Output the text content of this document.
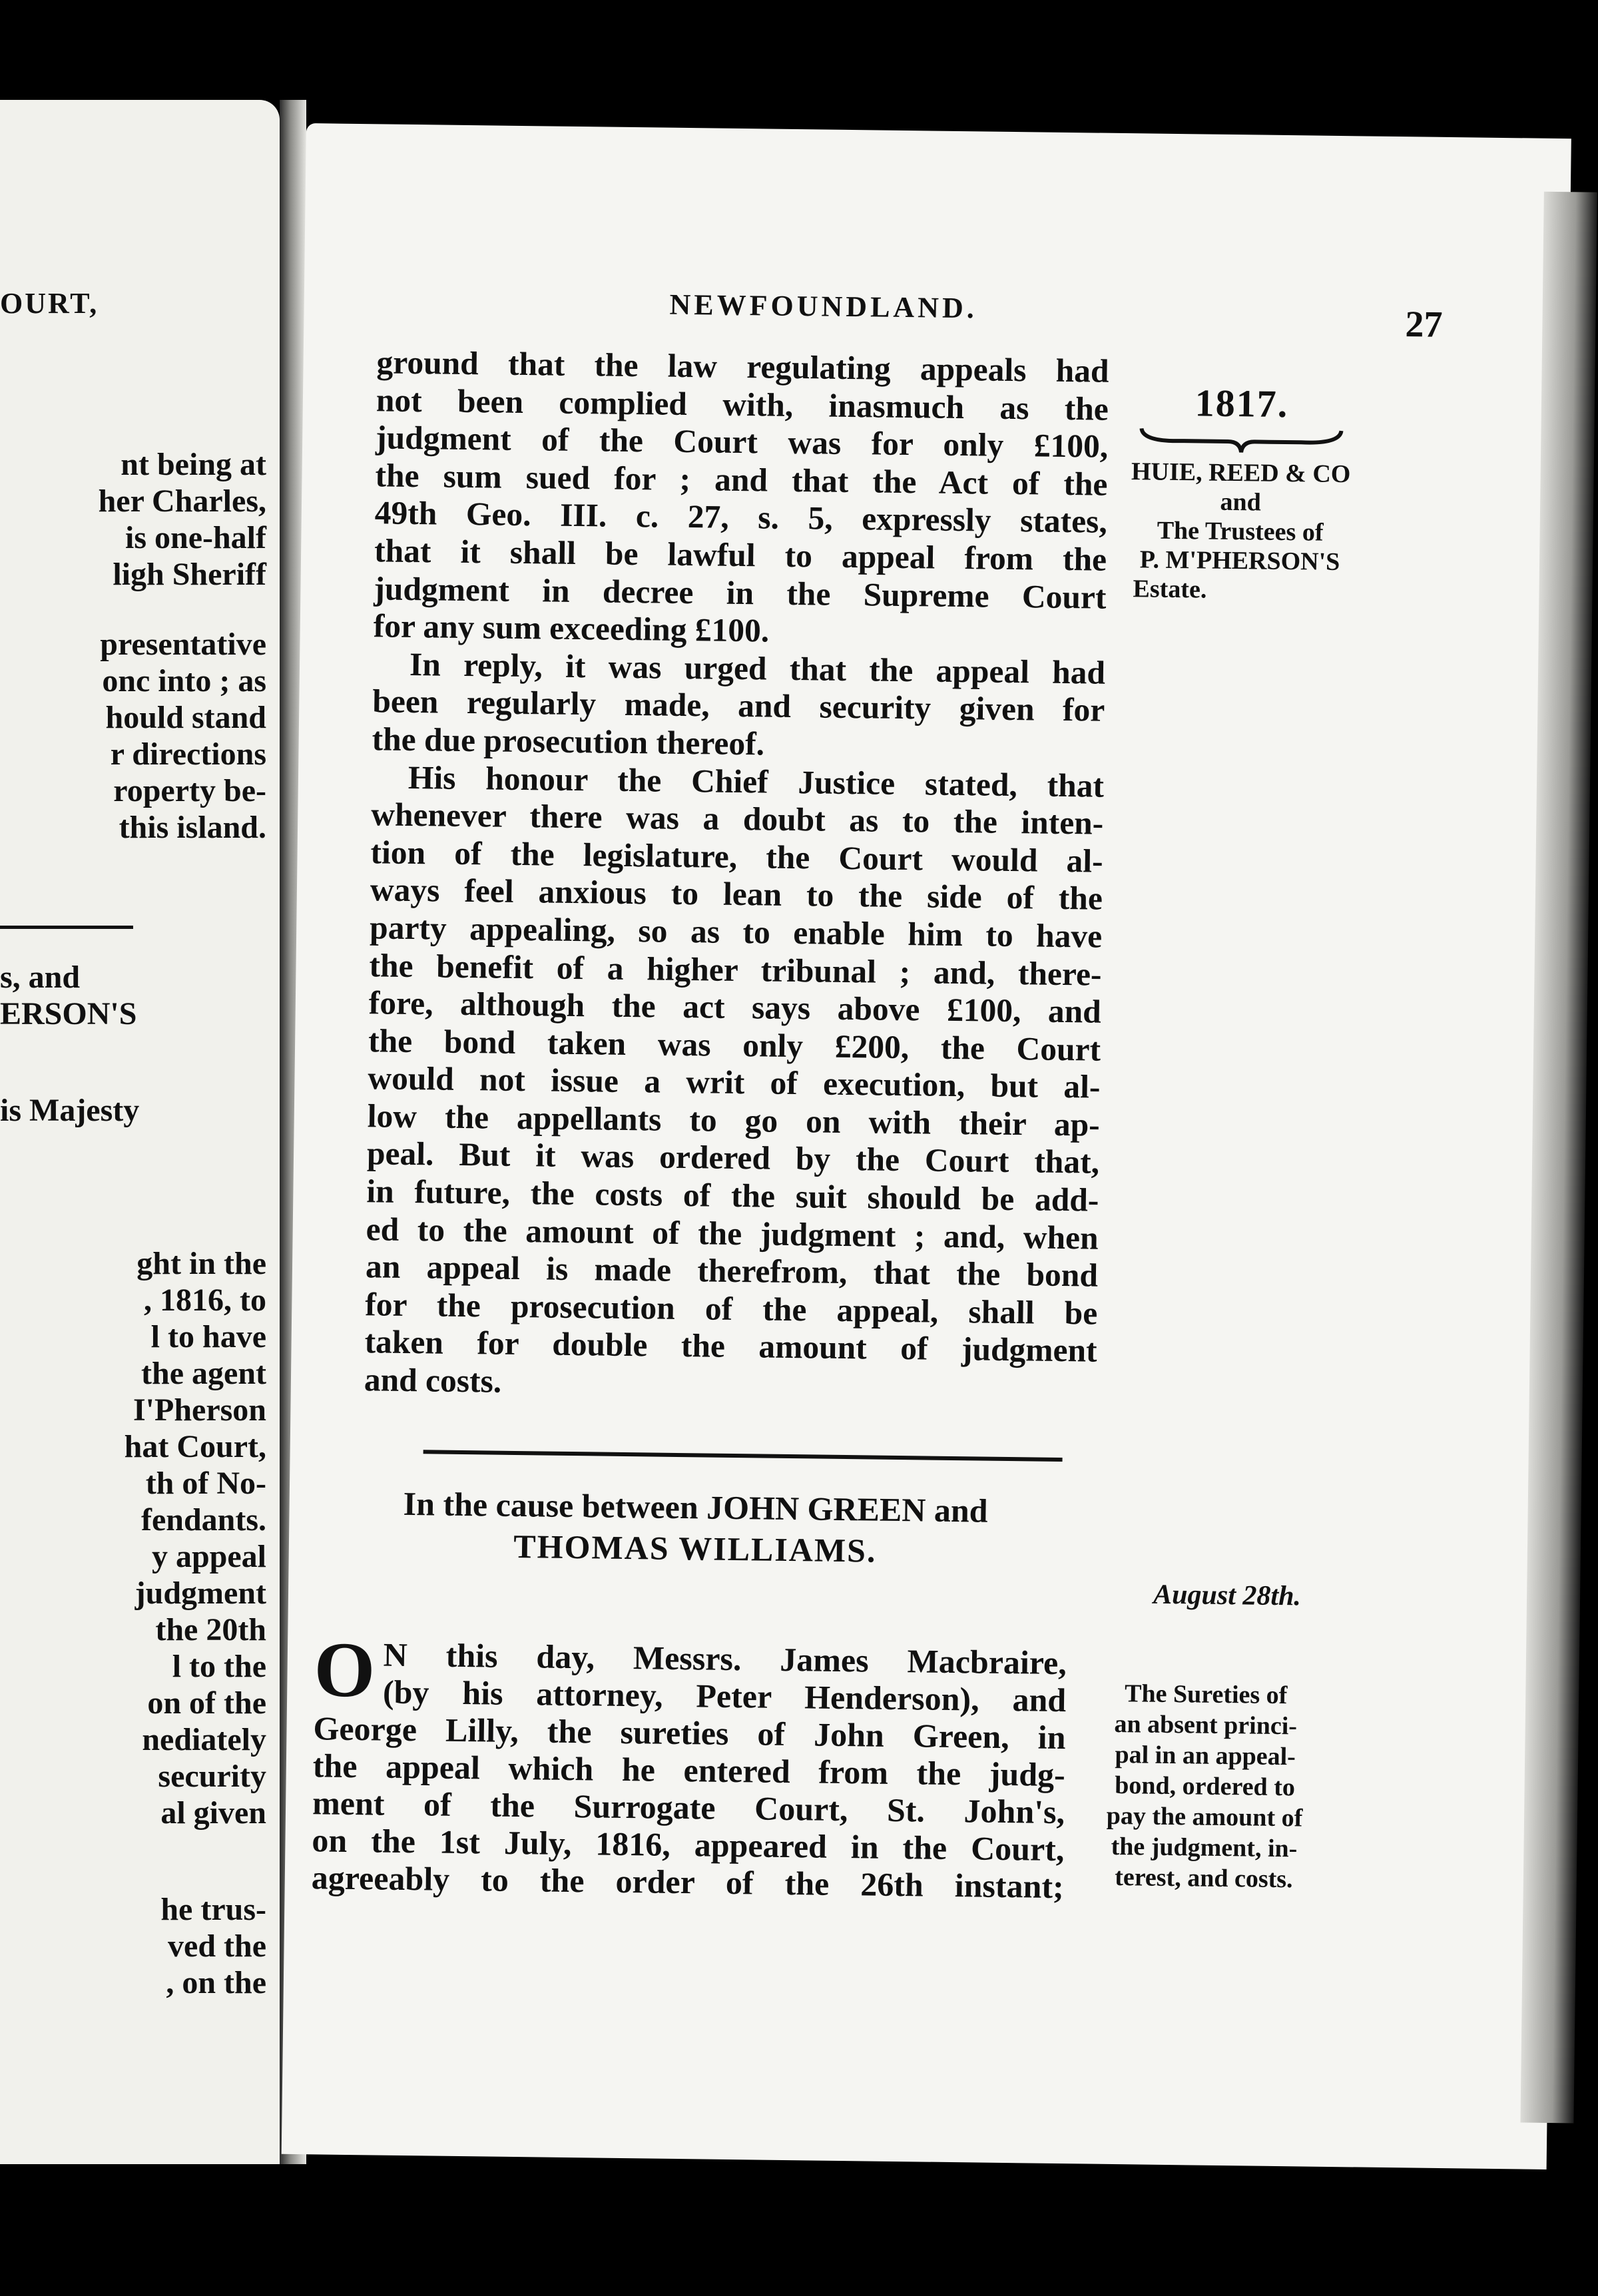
OURT,
nt being at
her Charles,
is one-half
ligh Sheriff
presentative
onc into ; as
hould stand
r directions
roperty be-
this island.
s, and
ERSON'S
is Majesty
ght in the
, 1816, to
l to have
the agent
I'Pherson
hat Court,
th of No-
fendants.
y appeal
judgment
the 20th
l to the
on of the
nediately
security
al given
he trus-
ved the
, on the
NEWFOUNDLAND.	27
1817.
HUIE, REED & CO
and
The Trustees of
P. M'PHERSON'S
Estate.

ground that the law regulating appeals had
not been complied with, inasmuch as the
judgment of the Court was for only £100,
the sum sued for ; and that the Act of the
49th Geo. III. c. 27, s. 5, expressly states,
that it shall be lawful to appeal from the
judgment in decree in the Supreme Court
for any sum exceeding £100.

In reply, it was urged that the appeal had
been regularly made, and security given for
the due prosecution thereof.

His honour the Chief Justice stated, that
whenever there was a doubt as to the inten-
tion of the legislature, the Court would al-
ways feel anxious to lean to the side of the
party appealing, so as to enable him to have
the benefit of a higher tribunal ; and, there-
fore, although the act says above £100, and
the bond taken was only £200, the Court
would not issue a writ of execution, but al-
low the appellants to go on with their ap-
peal. But it was ordered by the Court that,
in future, the costs of the suit should be add-
ed to the amount of the judgment ; and, when
an appeal is made therefrom, that the bond
for the prosecution of the appeal, shall be
taken for double the amount of judgment
and costs.

In the cause between JOHN GREEN and
THOMAS WILLIAMS.
August 28th.
O N this day, Messrs. James Macbraire,
(by his attorney, Peter Henderson), and
George Lilly, the sureties of John Green, in
the appeal which he entered from the judg-
ment of the Surrogate Court, St. John's,
on the 1st July, 1816, appeared in the Court,
agreeably to the order of the 26th instant;
The Sureties of
an absent princi-
pal in an appeal-
bond, ordered to
pay the amount of
the judgment, in-
terest, and costs.
